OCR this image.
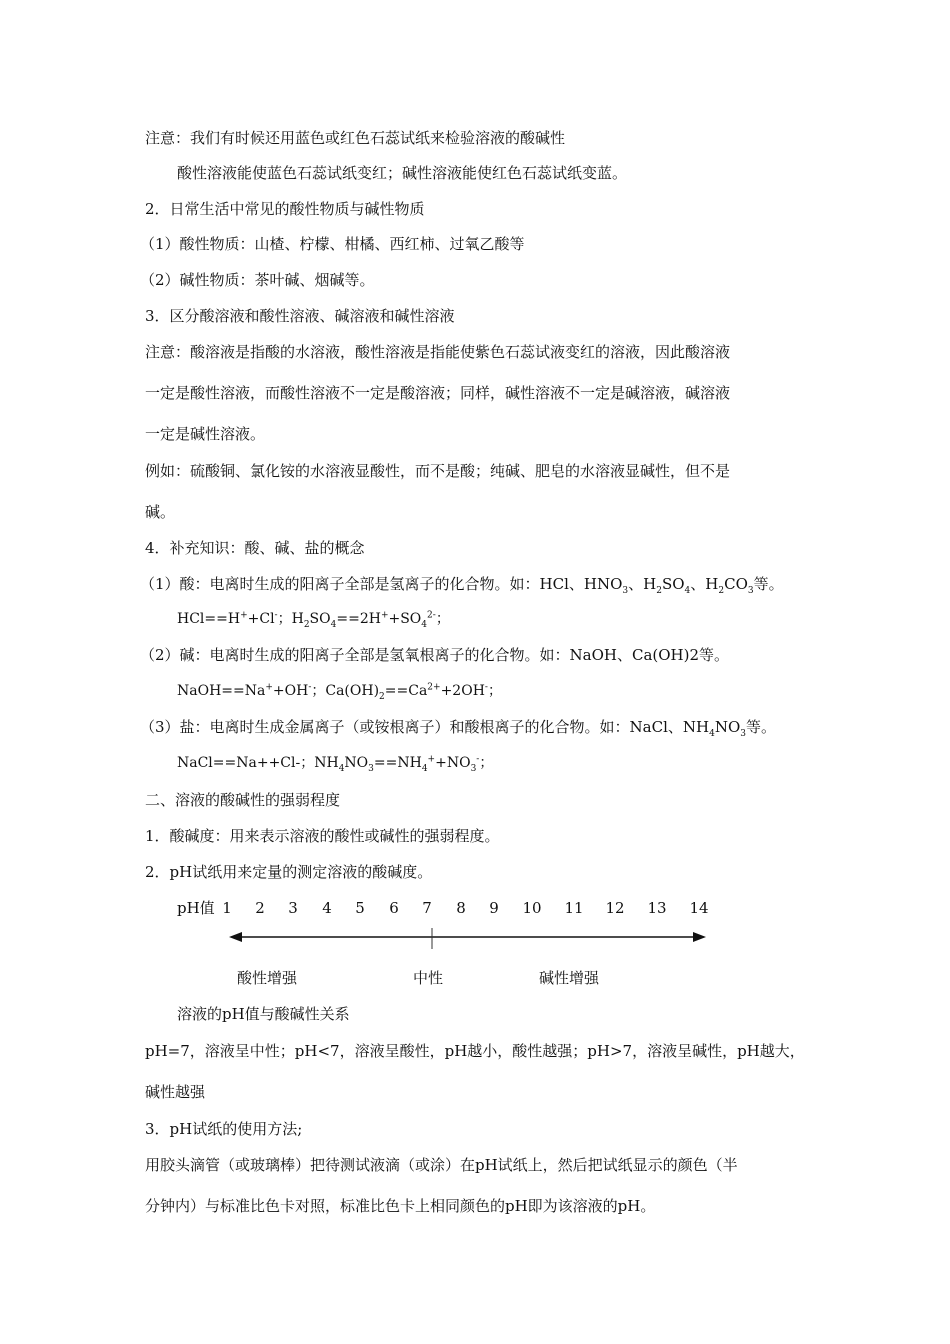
注意：我们有时候还用蓝色或红色石蕊试纸来检验溶液的酸碱性
酸性溶液能使蓝色石蕊试纸变红；碱性溶液能使红色石蕊试纸变蓝。
2．日常生活中常见的酸性物质与碱性物质
（1）酸性物质：山楂、柠檬、柑橘、西红柿、过氧乙酸等
（2）碱性物质：茶叶碱、烟碱等。
3．区分酸溶液和酸性溶液、碱溶液和碱性溶液
注意：酸溶液是指酸的水溶液，酸性溶液是指能使紫色石蕊试液变红的溶液，因此酸溶液
一定是酸性溶液，而酸性溶液不一定是酸溶液；同样，碱性溶液不一定是碱溶液，碱溶液
一定是碱性溶液。
例如：硫酸铜、氯化铵的水溶液显酸性，而不是酸；纯碱、肥皂的水溶液显碱性，但不是
碱。
4．补充知识：酸、碱、盐的概念
（1）酸：电离时生成的阳离子全部是氢离子的化合物。如：HCl、$HNO_3$、$H_2SO_4$、$H_2CO_3$等。
HCl==H++Cl-；$H_2SO_4==2H^++SO_4^{2-}$；
（2）碱：电离时生成的阳离子全部是氢氧根离子的化合物。如：NaOH、Ca(OH)2等。
NaOH==Na++OH-；$Ca(OH)_2==Ca^{2+}+2OH^-$；
（3）盐：电离时生成金属离子（或铵根离子）和酸根离子的化合物。如：NaCl、$NH_4NO_3$等。
NaCl==Na++Cl-；$NH_4NO_3==NH_4^++NO_3^-$；
二、溶液的酸碱性的强弱程度
1．酸碱度：用来表示溶液的酸性或碱性的强弱程度。
2．pH试纸用来定量的测定溶液的酸碱度。
pH值 1 2 3 4 5 6 7 8 9 10 11 12 13 14
酸性增强	中性	碱性增强
溶液的pH值与酸碱性关系
pH=7，溶液呈中性；pH<7，溶液呈酸性，pH越小，酸性越强；pH>7，溶液呈碱性，pH越大，
碱性越强
3．pH试纸的使用方法;
用胶头滴管（或玻璃棒）把待测试液滴（或涂）在pH试纸上，然后把试纸显示的颜色（半
分钟内）与标准比色卡对照，标准比色卡上相同颜色的pH即为该溶液的pH。
